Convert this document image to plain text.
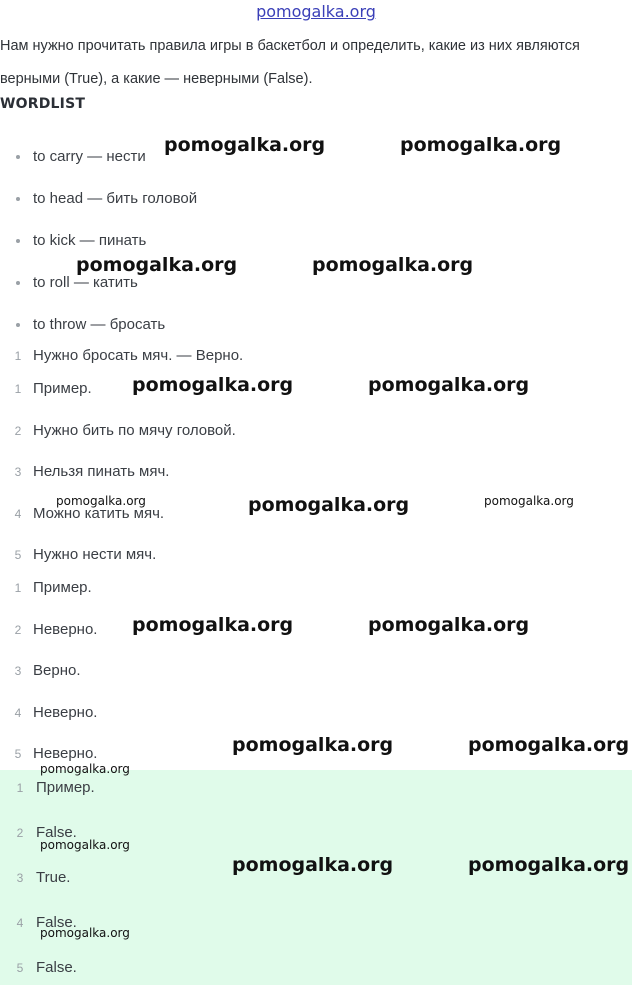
pomogalka.org
Нам нужно прочитать правила игры в баскетбол и определить, какие из них являются верными (True), а какие — неверными (False).
WORDLIST
to carry — нести
to head — бить головой
to kick — пинать
to roll — катить
to throw — бросать
1 Нужно бросать мяч. — Верно.
1 Пример.
2 Нужно бить по мячу головой.
3 Нельзя пинать мяч.
4 Можно катить мяч.
5 Нужно нести мяч.
1 Пример.
2 Неверно.
3 Верно.
4 Неверно.
5 Неверно.
1 Пример.
2 False.
3 True.
4 False.
5 False.
pomogalka.org	pomogalka.org
pomogalka.org	pomogalka.org
pomogalka.org	pomogalka.org
pomogalka.org	pomogalka.org	pomogalka.org
pomogalka.org	pomogalka.org
pomogalka.org	pomogalka.org
pomogalka.org
pomogalka.org
pomogalka.org	pomogalka.org
pomogalka.org
